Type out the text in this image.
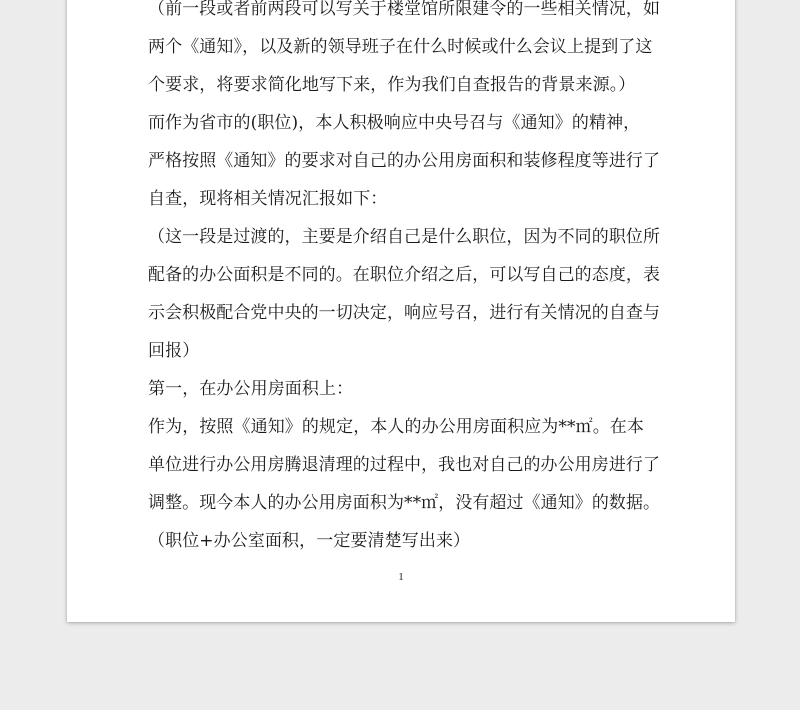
（前一段或者前两段可以写关于楼堂馆所限建令的一些相关情况，如
两个《通知》，以及新的领导班子在什么时候或什么会议上提到了这
个要求，将要求简化地写下来，作为我们自查报告的背景来源。）
而作为省市的(职位)，本人积极响应中央号召与《通知》的精神，
严格按照《通知》的要求对自己的办公用房面积和装修程度等进行了
自查，现将相关情况汇报如下：
（这一段是过渡的，主要是介绍自己是什么职位，因为不同的职位所
配备的办公面积是不同的。在职位介绍之后，可以写自己的态度，表
示会积极配合党中央的一切决定，响应号召，进行有关情况的自查与
回报）
第一，在办公用房面积上：
作为，按照《通知》的规定，本人的办公用房面积应为**㎡。在本
单位进行办公用房腾退清理的过程中，我也对自己的办公用房进行了
调整。现今本人的办公用房面积为**㎡，没有超过《通知》的数据。
（职位+办公室面积，一定要清楚写出来）
1
